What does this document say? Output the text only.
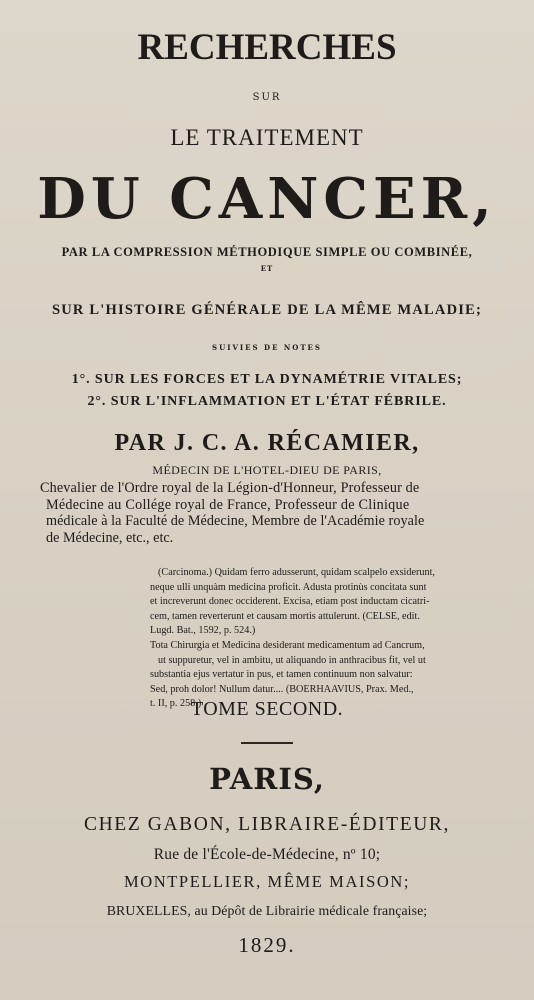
RECHERCHES
SUR
LE TRAITEMENT
DU CANCER,
PAR LA COMPRESSION MÉTHODIQUE SIMPLE OU COMBINÉE,
ET
SUR L'HISTOIRE GÉNÉRALE DE LA MÊME MALADIE;
SUIVIES DE NOTES
1°. SUR LES FORCES ET LA DYNAMÉTRIE VITALES;
2°. SUR L'INFLAMMATION ET L'ÉTAT FÉBRILE.
PAR J. C. A. RÉCAMIER,
MÉDECIN DE L'HOTEL-DIEU DE PARIS,
Chevalier de l'Ordre royal de la Légion-d'Honneur, Professeur de
Médecine au Collége royal de France, Professeur de Clinique
médicale à la Faculté de Médecine, Membre de l'Académie royale
de Médecine, etc., etc.
(Carcinoma.) Quidam ferro adusserunt, quidam scalpelo exsiderunt,
neque ulli unquàm medicina proficit. Adusta protinùs concitata sunt
et increverunt donec occiderent. Excisa, etiam post inductam cicatri-
cem, tamen reverterunt et causam mortis attulerunt. (CELSE, edit.
Lugd. Bat., 1592, p. 524.)
Tota Chirurgia et Medicina desiderant medicamentum ad Cancrum,
ut suppuretur, vel in ambitu, ut aliquando in anthracibus fit, vel ut
substantia ejus vertatur in pus, et tamen continuum non salvatur:
Sed, proh dolor! Nullum datur.... (BOERHAAVIUS, Prax. Med.,
t. II, p. 258.)
TOME SECOND.
PARIS,
CHEZ GABON, LIBRAIRE-ÉDITEUR,
Rue de l'École-de-Médecine, nº 10;
MONTPELLIER, MÊME MAISON;
BRUXELLES, au Dépôt de Librairie médicale française;
1829.
